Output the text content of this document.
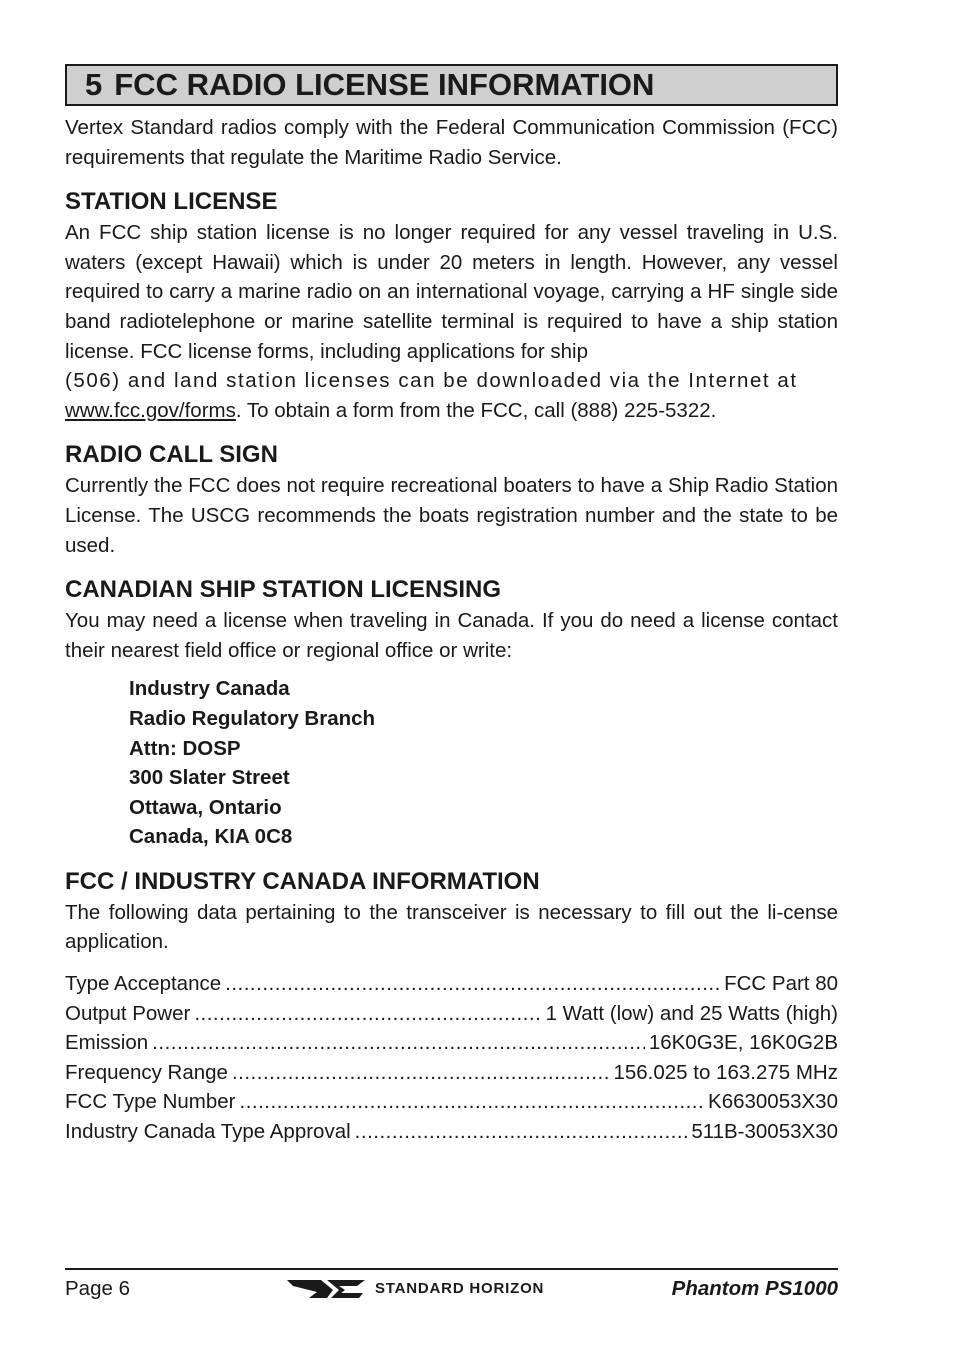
5 FCC RADIO LICENSE INFORMATION

Vertex Standard radios comply with the Federal Communication Commission (FCC) requirements that regulate the Maritime Radio Service.

STATION LICENSE

An FCC ship station license is no longer required for any vessel traveling in U.S. waters (except Hawaii) which is under 20 meters in length. However, any vessel required to carry a marine radio on an international voyage, carrying a HF single side band radiotelephone or marine satellite terminal is required to have a ship station license. FCC license forms, including applications for ship

(506) and land station licenses can be downloaded via the Internet at

www.fcc.gov/forms. To obtain a form from the FCC, call (888) 225-5322.

RADIO CALL SIGN

Currently the FCC does not require recreational boaters to have a Ship Radio Station License. The USCG recommends the boats registration number and the state to be used.

CANADIAN SHIP STATION LICENSING

You may need a license when traveling in Canada. If you do need a license contact their nearest field office or regional office or write:

Industry Canada
Radio Regulatory Branch
Attn: DOSP
300 Slater Street
Ottawa, Ontario
Canada, KIA 0C8
FCC / INDUSTRY CANADA INFORMATION

The following data pertaining to the transceiver is necessary to fill out the li-cense application.

Type Acceptance .....	FCC Part 80
Output Power .....	1 Watt (low) and 25 Watts (high)
Emission .....	16K0G3E, 16K0G2B
Frequency Range .....	156.025 to 163.275 MHz
FCC Type Number .....	K6630053X30
Industry Canada Type Approval .....	511B-30053X30
Page 6	STANDARD HORIZON	Phantom PS1000
